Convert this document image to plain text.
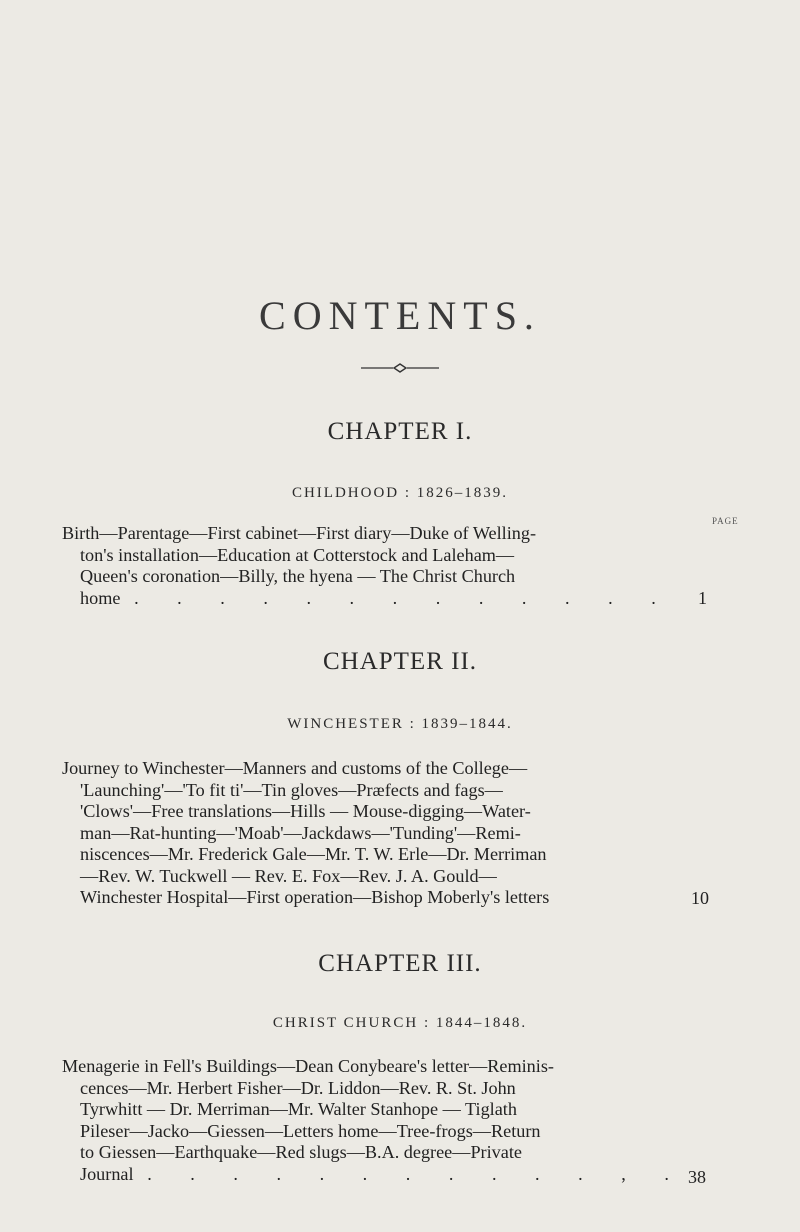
CONTENTS.
CHAPTER I.
CHILDHOOD : 1826–1839.
PAGE
Birth—Parentage—First cabinet—First diary—Duke of Welling-
ton's installation—Education at Cotterstock and Laleham—
Queen's coronation—Billy, the hyena — The Christ Church
home . . . . . . . . . . . . . 1
CHAPTER II.
WINCHESTER : 1839–1844.
Journey to Winchester—Manners and customs of the College—
'Launching'—'To fit ti'—Tin gloves—Præfects and fags—
'Clows'—Free translations—Hills — Mouse-digging—Water-
man—Rat-hunting—'Moab'—Jackdaws—'Tunding'—Remi-
niscences—Mr. Frederick Gale—Mr. T. W. Erle—Dr. Merriman
—Rev. W. Tuckwell — Rev. E. Fox—Rev. J. A. Gould—
Winchester Hospital—First operation—Bishop Moberly's letters	10
CHAPTER III.
CHRIST CHURCH : 1844–1848.
Menagerie in Fell's Buildings—Dean Conybeare's letter—Reminis-
cences—Mr. Herbert Fisher—Dr. Liddon—Rev. R. St. John
Tyrwhitt — Dr. Merriman—Mr. Walter Stanhope — Tiglath
Pileser—Jacko—Giessen—Letters home—Tree-frogs—Return
to Giessen—Earthquake—Red slugs—B.A. degree—Private
Journal . . . . . . . . . . . , . 38
